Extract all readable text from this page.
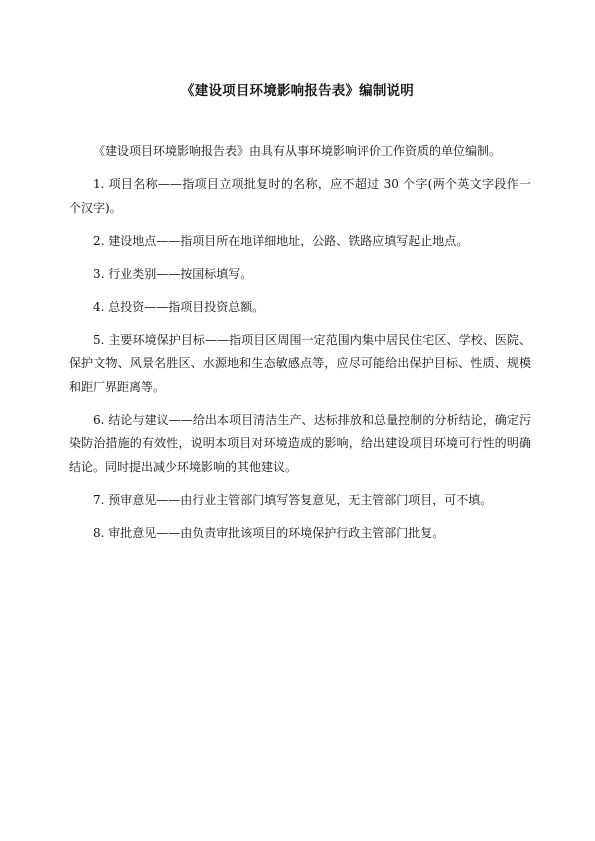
《建设项目环境影响报告表》编制说明

《建设项目环境影响报告表》由具有从事环境影响评价工作资质的单位编制。

1. 项目名称——指项目立项批复时的名称，应不超过 30 个字(两个英文字段作一个汉字)。

2. 建设地点——指项目所在地详细地址，公路、铁路应填写起止地点。

3. 行业类别——按国标填写。

4. 总投资——指项目投资总额。

5. 主要环境保护目标——指项目区周围一定范围内集中居民住宅区、学校、医院、保护文物、风景名胜区、水源地和生态敏感点等，应尽可能给出保护目标、性质、规模和距厂界距离等。

6. 结论与建议——给出本项目清洁生产、达标排放和总量控制的分析结论，确定污染防治措施的有效性，说明本项目对环境造成的影响，给出建设项目环境可行性的明确结论。同时提出减少环境影响的其他建议。

7. 预审意见——由行业主管部门填写答复意见，无主管部门项目，可不填。

8. 审批意见——由负责审批该项目的环境保护行政主管部门批复。
